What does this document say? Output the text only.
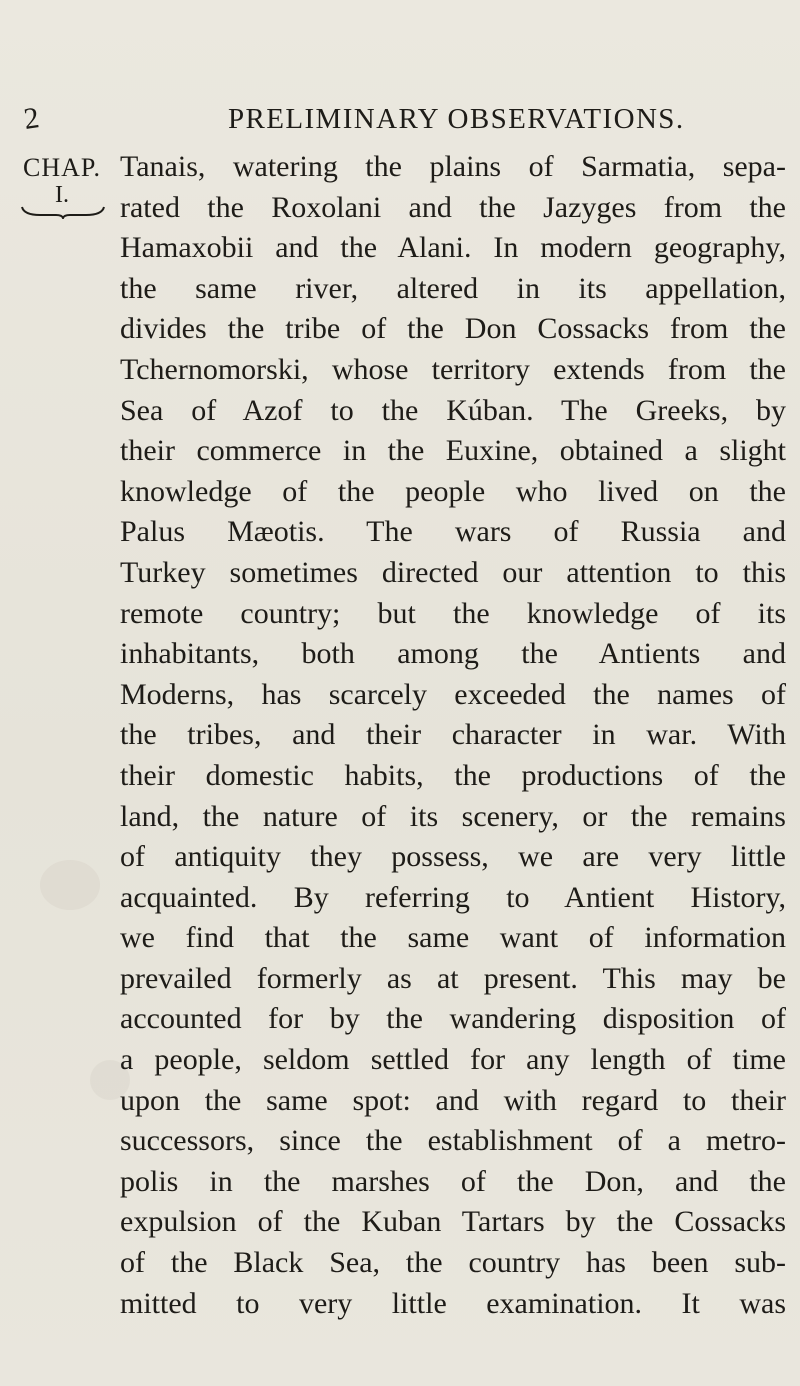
2	PRELIMINARY OBSERVATIONS.
CHAP.
I.
Tanais, watering the plains of Sarmatia, sepa-
rated the Roxolani and the Jazyges from the
Hamaxobii and the Alani. In modern geography,
the same river, altered in its appellation,
divides the tribe of the Don Cossacks from the
Tchernomorski, whose territory extends from the
Sea of Azof to the Kúban. The Greeks, by
their commerce in the Euxine, obtained a slight
knowledge of the people who lived on the
Palus Mæotis. The wars of Russia and
Turkey sometimes directed our attention to this
remote country; but the knowledge of its
inhabitants, both among the Antients and
Moderns, has scarcely exceeded the names of
the tribes, and their character in war. With
their domestic habits, the productions of the
land, the nature of its scenery, or the remains
of antiquity they possess, we are very little
acquainted. By referring to Antient History,
we find that the same want of information
prevailed formerly as at present. This may be
accounted for by the wandering disposition of
a people, seldom settled for any length of time
upon the same spot: and with regard to their
successors, since the establishment of a metro-
polis in the marshes of the Don, and the
expulsion of the Kuban Tartars by the Cossacks
of the Black Sea, the country has been sub-
mitted to very little examination. It was
